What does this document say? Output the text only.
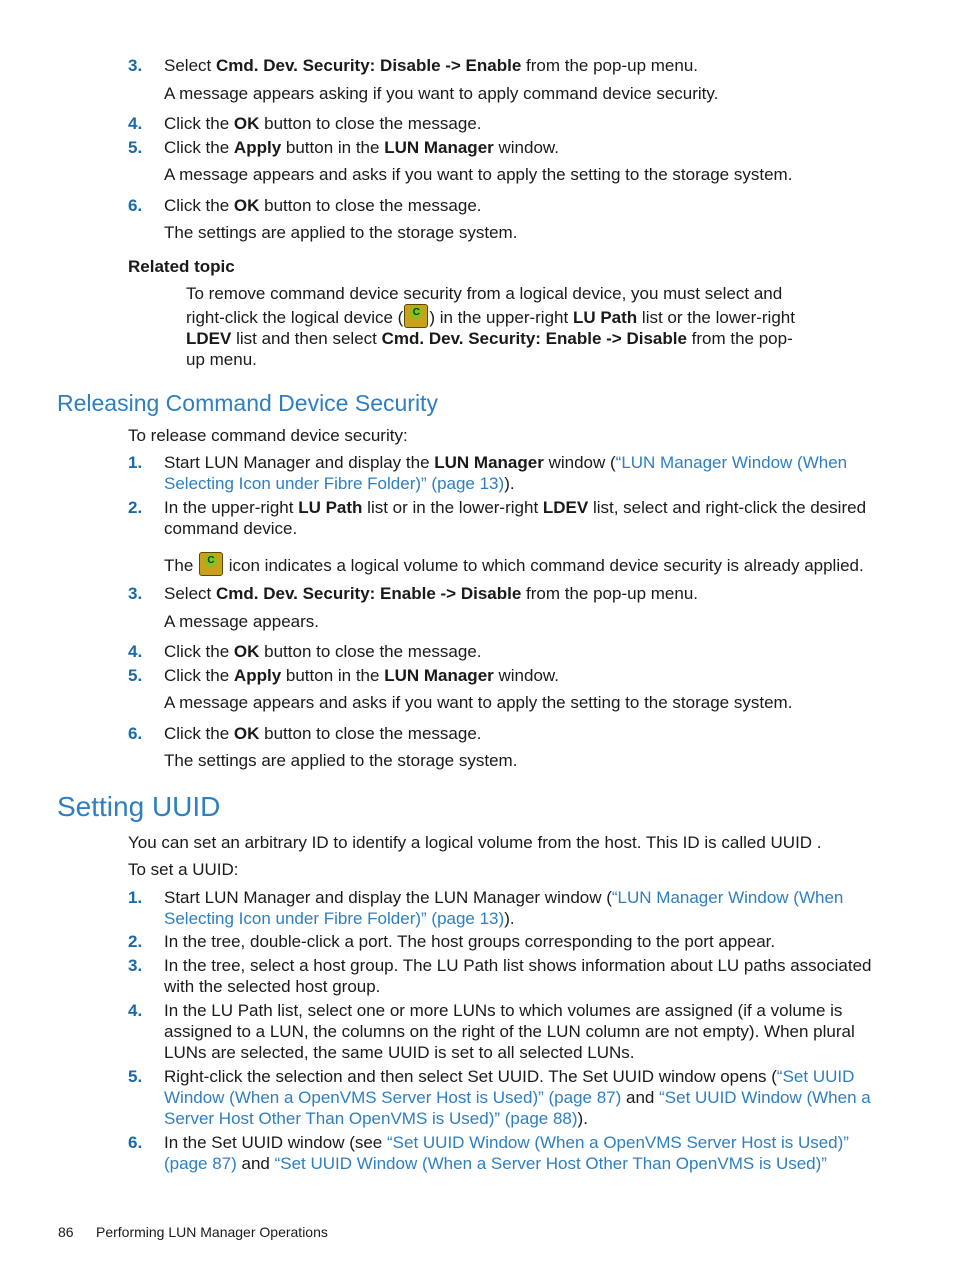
3.	Select Cmd. Dev. Security: Disable -> Enable from the pop-up menu.
A message appears asking if you want to apply command device security.
4.	Click the OK button to close the message.
5.	Click the Apply button in the LUN Manager window.
A message appears and asks if you want to apply the setting to the storage system.
6.	Click the OK button to close the message.
The settings are applied to the storage system.
Related topic
To remove command device security from a logical device, you must select and right-click the logical device (C ) in the upper-right LU Path list or the lower-right LDEV list and then select Cmd. Dev. Security: Enable -> Disable from the pop-up menu.
Releasing Command Device Security
To release command device security:
1.	Start LUN Manager and display the LUN Manager window (“LUN Manager Window (When Selecting Icon under Fibre Folder)” (page 13)).
2.	In the upper-right LU Path list or in the lower-right LDEV list, select and right-click the desired command device.
The C icon indicates a logical volume to which command device security is already applied.
3.	Select Cmd. Dev. Security: Enable -> Disable from the pop-up menu.
A message appears.
4.	Click the OK button to close the message.
5.	Click the Apply button in the LUN Manager window.
A message appears and asks if you want to apply the setting to the storage system.
6.	Click the OK button to close the message.
The settings are applied to the storage system.
Setting UUID
You can set an arbitrary ID to identify a logical volume from the host. This ID is called UUID .
To set a UUID:
1.	Start LUN Manager and display the LUN Manager window (“LUN Manager Window (When Selecting Icon under Fibre Folder)” (page 13)).
2.	In the tree, double-click a port. The host groups corresponding to the port appear.
3.	In the tree, select a host group. The LU Path list shows information about LU paths associated with the selected host group.
4.	In the LU Path list, select one or more LUNs to which volumes are assigned (if a volume is assigned to a LUN, the columns on the right of the LUN column are not empty). When plural LUNs are selected, the same UUID is set to all selected LUNs.
5.	Right-click the selection and then select Set UUID. The Set UUID window opens (“Set UUID Window (When a OpenVMS Server Host is Used)” (page 87) and “Set UUID Window (When a Server Host Other Than OpenVMS is Used)” (page 88)).
6.	In the Set UUID window (see “Set UUID Window (When a OpenVMS Server Host is Used)” (page 87) and “Set UUID Window (When a Server Host Other Than OpenVMS is Used)”
86 Performing LUN Manager Operations
